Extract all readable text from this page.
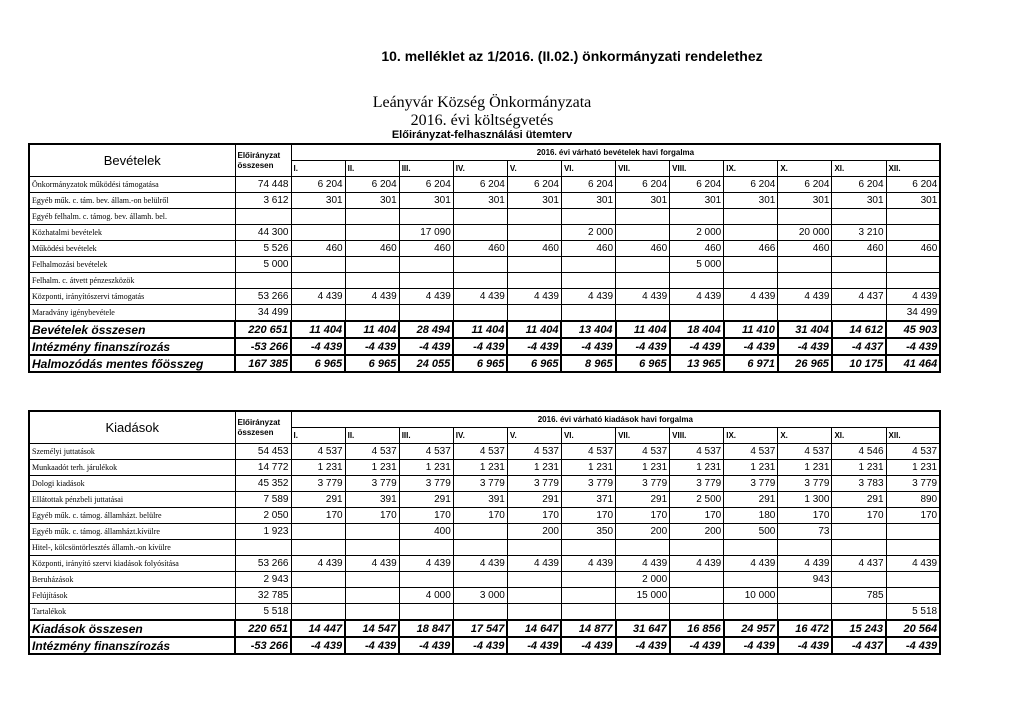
10. melléklet az 1/2016. (II.02.) önkormányzati rendelethez
Leányvár Község Önkormányzata
2016. évi költségvetés
Előirányzat-felhasználási ütemterv
Bevételek	Előirányzat összesen	2016. évi várható bevételek havi forgalma											
		I.	II.	III.	IV.	V.	VI.	VII.	VIII.	IX.	X.	XI.	XII.
Önkormányzatok működési támogatása	74 448	6 204	6 204	6 204	6 204	6 204	6 204	6 204	6 204	6 204	6 204	6 204	6 204
Egyéb műk. c. tám. bev. állam.-on belülről	3 612	301	301	301	301	301	301	301	301	301	301	301	301
Egyéb felhalm. c. támog. bev. államh. bel.													
Közhatalmi bevételek	44 300			17 090			2 000		2 000		20 000	3 210	
Működési bevételek	5 526	460	460	460	460	460	460	460	460	466	460	460	460
Felhalmozási bevételek	5 000								5 000				
Felhalm. c. átvett pénzeszközök													
Központi, irányítószervi támogatás	53 266	4 439	4 439	4 439	4 439	4 439	4 439	4 439	4 439	4 439	4 439	4 437	4 439
Maradvány igénybevétele	34 499												34 499
Bevételek összesen	220 651	11 404	11 404	28 494	11 404	11 404	13 404	11 404	18 404	11 410	31 404	14 612	45 903
Intézmény finanszírozás	-53 266	-4 439	-4 439	-4 439	-4 439	-4 439	-4 439	-4 439	-4 439	-4 439	-4 439	-4 437	-4 439
Halmozódás mentes főösszeg	167 385	6 965	6 965	24 055	6 965	6 965	8 965	6 965	13 965	6 971	26 965	10 175	41 464
Kiadások	Előirányzat összesen	2016. évi várható kiadások havi forgalma											
		I.	II.	III.	IV.	V.	VI.	VII.	VIII.	IX.	X.	XI.	XII.
Személyi juttatások	54 453	4 537	4 537	4 537	4 537	4 537	4 537	4 537	4 537	4 537	4 537	4 546	4 537
Munkaadót terh. járulékok	14 772	1 231	1 231	1 231	1 231	1 231	1 231	1 231	1 231	1 231	1 231	1 231	1 231
Dologi kiadások	45 352	3 779	3 779	3 779	3 779	3 779	3 779	3 779	3 779	3 779	3 779	3 783	3 779
Ellátottak pénzbeli juttatásai	7 589	291	391	291	391	291	371	291	2 500	291	1 300	291	890
Egyéb műk. c. támog. államházt. belülre	2 050	170	170	170	170	170	170	170	170	180	170	170	170
Egyéb műk. c. támog. államházt.kívülre	1 923			400		200	350	200	200	500	73		
Hitel-, kölcsöntörlesztés államh.-on kívülre													
Központi, irányító szervi kiadások folyósítása	53 266	4 439	4 439	4 439	4 439	4 439	4 439	4 439	4 439	4 439	4 439	4 437	4 439
Beruházások	2 943							2 000			943		
Felújítások	32 785			4 000	3 000			15 000		10 000		785	
Tartalékok	5 518												5 518
Kiadások összesen	220 651	14 447	14 547	18 847	17 547	14 647	14 877	31 647	16 856	24 957	16 472	15 243	20 564
Intézmény finanszírozás	-53 266	-4 439	-4 439	-4 439	-4 439	-4 439	-4 439	-4 439	-4 439	-4 439	-4 439	-4 437	-4 439
